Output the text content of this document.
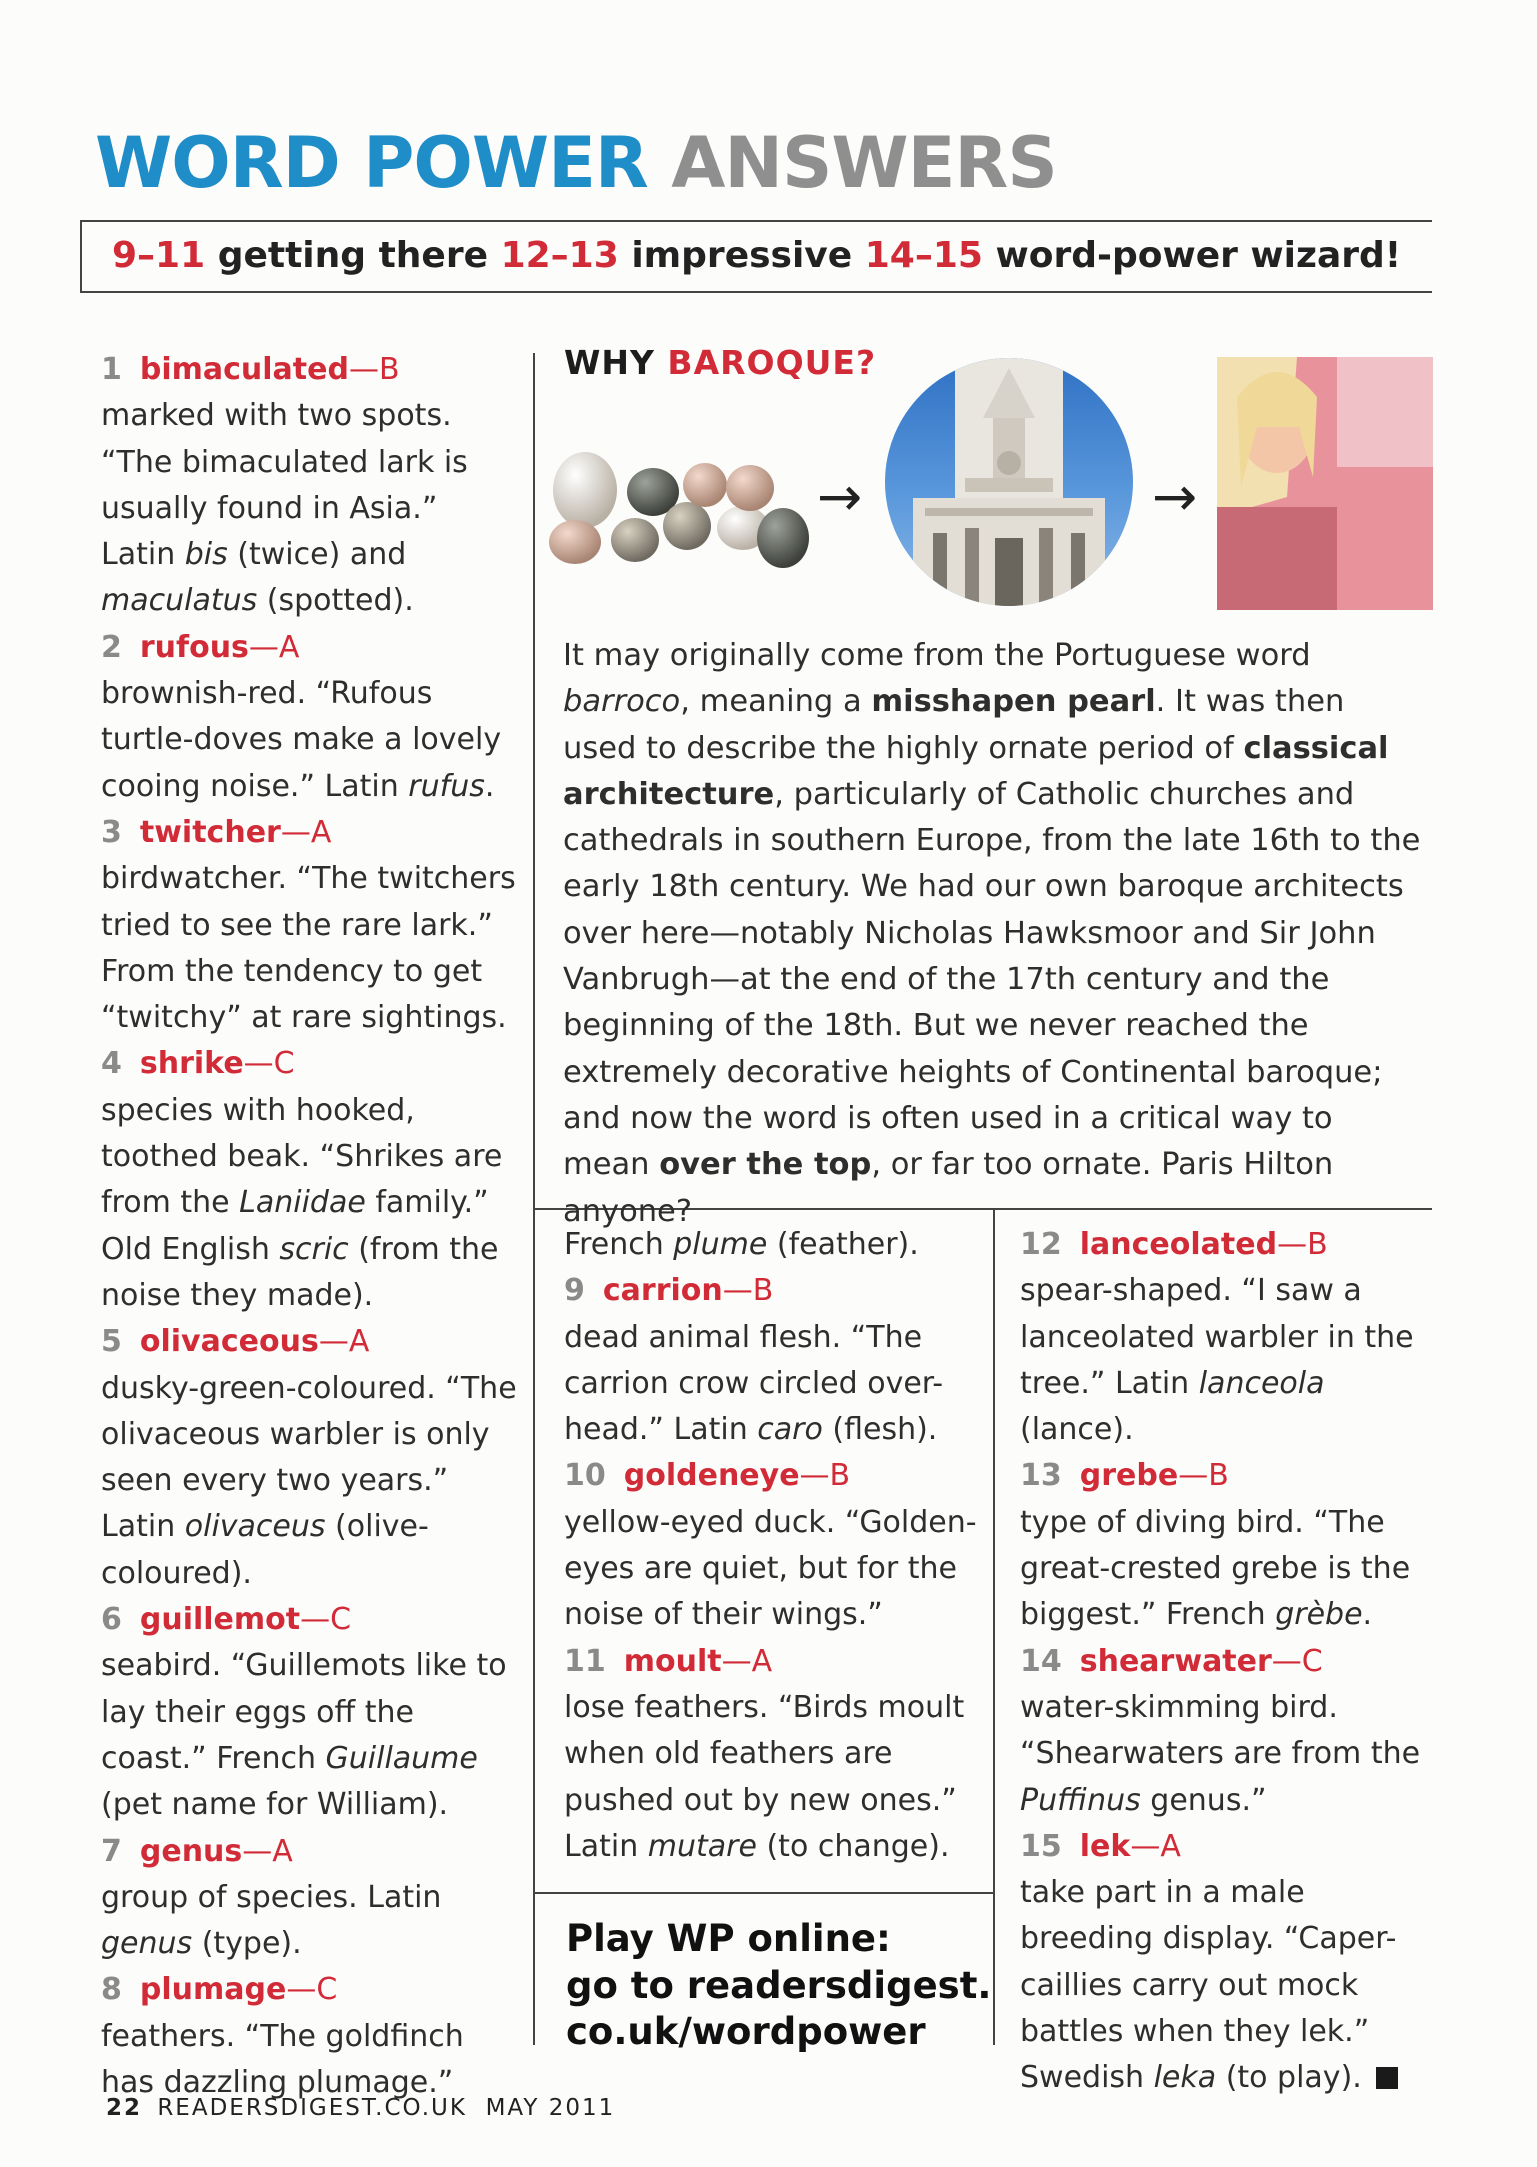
WORD POWER ANSWERS
9–11 getting there 12–13 impressive 14–15 word-power wizard!
1 bimaculated—B

marked with two spots. “The bimaculated lark is usually found in Asia.” Latin bis (twice) and maculatus (spotted).

2 rufous—A

brownish-red. “Rufous turtle-doves make a lovely cooing noise.” Latin rufus.

3 twitcher—A

birdwatcher. “The twitchers tried to see the rare lark.” From the tendency to get “twitchy” at rare sightings.

4 shrike—C

species with hooked, toothed beak. “Shrikes are from the Laniidae family.” Old English scric (from the noise they made).

5 olivaceous—A

dusky-green-coloured. “The olivaceous warbler is only seen every two years.” Latin olivaceus (olive-coloured).

6 guillemot—C

seabird. “Guillemots like to lay their eggs off the coast.” French Guillaume (pet name for William).

7 genus—A

group of species. Latin genus (type).

8 plumage—C

feathers. “The goldfinch has dazzling plumage.”

WHY BAROQUE?
→	→

It may originally come from the Portuguese word barroco, meaning a misshapen pearl. It was then used to describe the highly ornate period of classical architecture, particularly of Catholic churches and cathedrals in southern Europe, from the late 16th to the early 18th century. We had our own baroque architects over here—notably Nicholas Hawksmoor and Sir John Vanbrugh—at the end of the 17th century and the beginning of the 18th. But we never reached the extremely decorative heights of Continental baroque; and now the word is often used in a critical way to mean over the top, or far too ornate. Paris Hilton anyone?

French plume (feather).

9 carrion—B

dead animal flesh. “The carrion crow circled over-head.” Latin caro (flesh).

10 goldeneye—B

yellow-eyed duck. “Golden-eyes are quiet, but for the noise of their wings.”

11 moult—A

lose feathers. “Birds moult when old feathers are pushed out by new ones.” Latin mutare (to change).

Play WP online:
go to readersdigest.
co.uk/wordpower
12 lanceolated—B

spear-shaped. “I saw a lanceolated warbler in the tree.” Latin lanceola (lance).

13 grebe—B

type of diving bird. “The great-crested grebe is the biggest.” French grèbe.

14 shearwater—C

water-skimming bird. “Shearwaters are from the Puffinus genus.”

15 lek—A

take part in a male breeding display. “Caper-caillies carry out mock battles when they lek.” Swedish leka (to play).

22 READERSDIGEST.CO.UK MAY 2011
